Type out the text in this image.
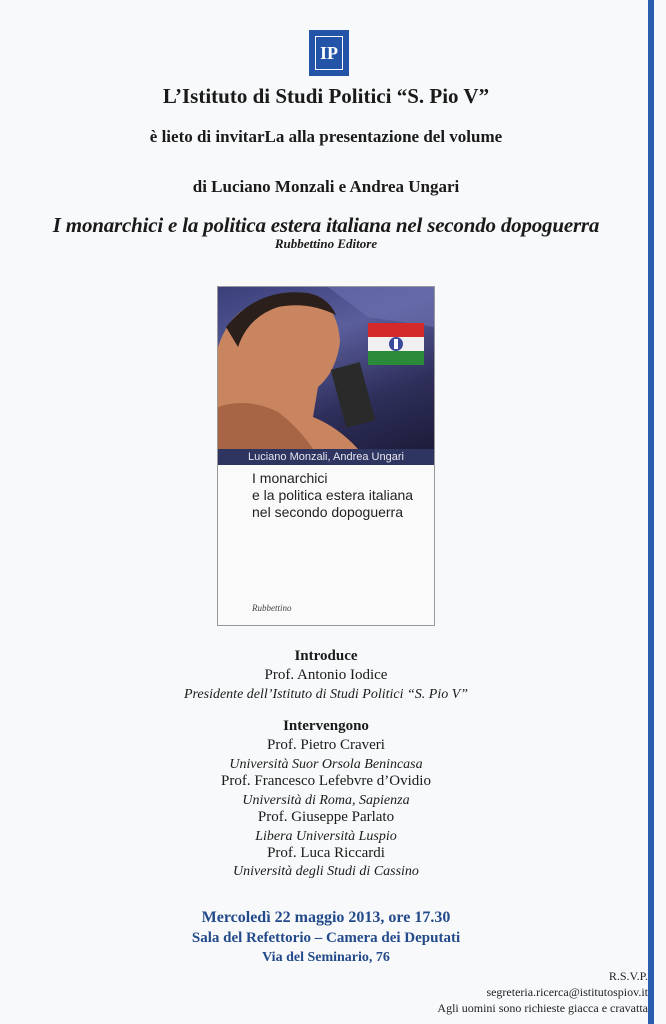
IP
L’Istituto di Studi Politici “S. Pio V”
è lieto di invitarLa alla presentazione del volume
di Luciano Monzali e Andrea Ungari
I monarchici e la politica estera italiana nel secondo dopoguerra
Rubbettino Editore
Luciano Monzali, Andrea Ungari
I monarchici
e la politica estera italiana
nel secondo dopoguerra
Rubbettino
Introduce
Prof. Antonio Iodice
Presidente dell’Istituto di Studi Politici “S. Pio V”
Intervengono
Prof. Pietro Craveri
Università Suor Orsola Benincasa
Prof. Francesco Lefebvre d’Ovidio
Università di Roma, Sapienza
Prof. Giuseppe Parlato
Libera Università Luspio
Prof. Luca Riccardi
Università degli Studi di Cassino
Mercoledì 22 maggio 2013, ore 17.30
Sala del Refettorio – Camera dei Deputati
Via del Seminario, 76
R.S.V.P.
segreteria.ricerca@istitutospiov.it
Agli uomini sono richieste giacca e cravatta
